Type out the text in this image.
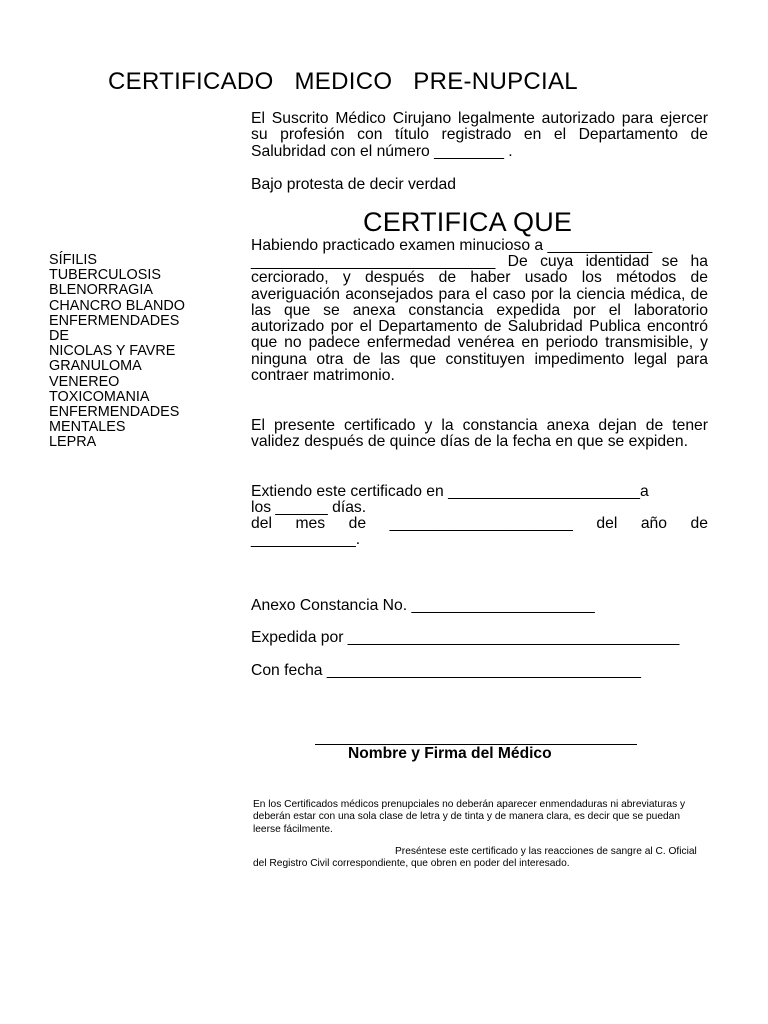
CERTIFICADO MEDICO PRE-NUPCIAL
SÍFILIS
TUBERCULOSIS
BLENORRAGIA
CHANCRO BLANDO
ENFERMENDADES
DE
NICOLAS Y FAVRE
GRANULOMA
VENEREO
TOXICOMANIA
ENFERMENDADES
MENTALES
LEPRA
El Suscrito Médico Cirujano legalmente autorizado para ejercer su profesión con título registrado en el Departamento de Salubridad con el número ________ .
Bajo protesta de decir verdad
CERTIFICA QUE
Habiendo practicado examen minucioso a ____________
____________________________ De cuya identidad se ha cerciorado, y después de haber usado los métodos de averiguación aconsejados para el caso por la ciencia médica, de las que se anexa constancia expedida por el laboratorio autorizado por el Departamento de Salubridad Publica encontró que no padece enfermedad venérea en periodo transmisible, y ninguna otra de las que constituyen impedimento legal para contraer matrimonio.
El presente certificado y la constancia anexa dejan de tener validez después de quince días de la fecha en que se expiden.
Extiendo este certificado en ______________________a
los ______ días.
del mes de _____________________ del año de
____________.
Anexo Constancia No. _____________________
Expedida por ______________________________________
Con fecha ____________________________________
Nombre y Firma del Médico
En los Certificados médicos prenupciales no deberán aparecer enmendaduras ni abreviaturas y deberán estar con una sola clase de letra y de tinta y de manera clara, es decir que se puedan leerse fácilmente.
Preséntese este certificado y las reacciones de sangre al C. Oficial del Registro Civil correspondiente, que obren en poder del interesado.
